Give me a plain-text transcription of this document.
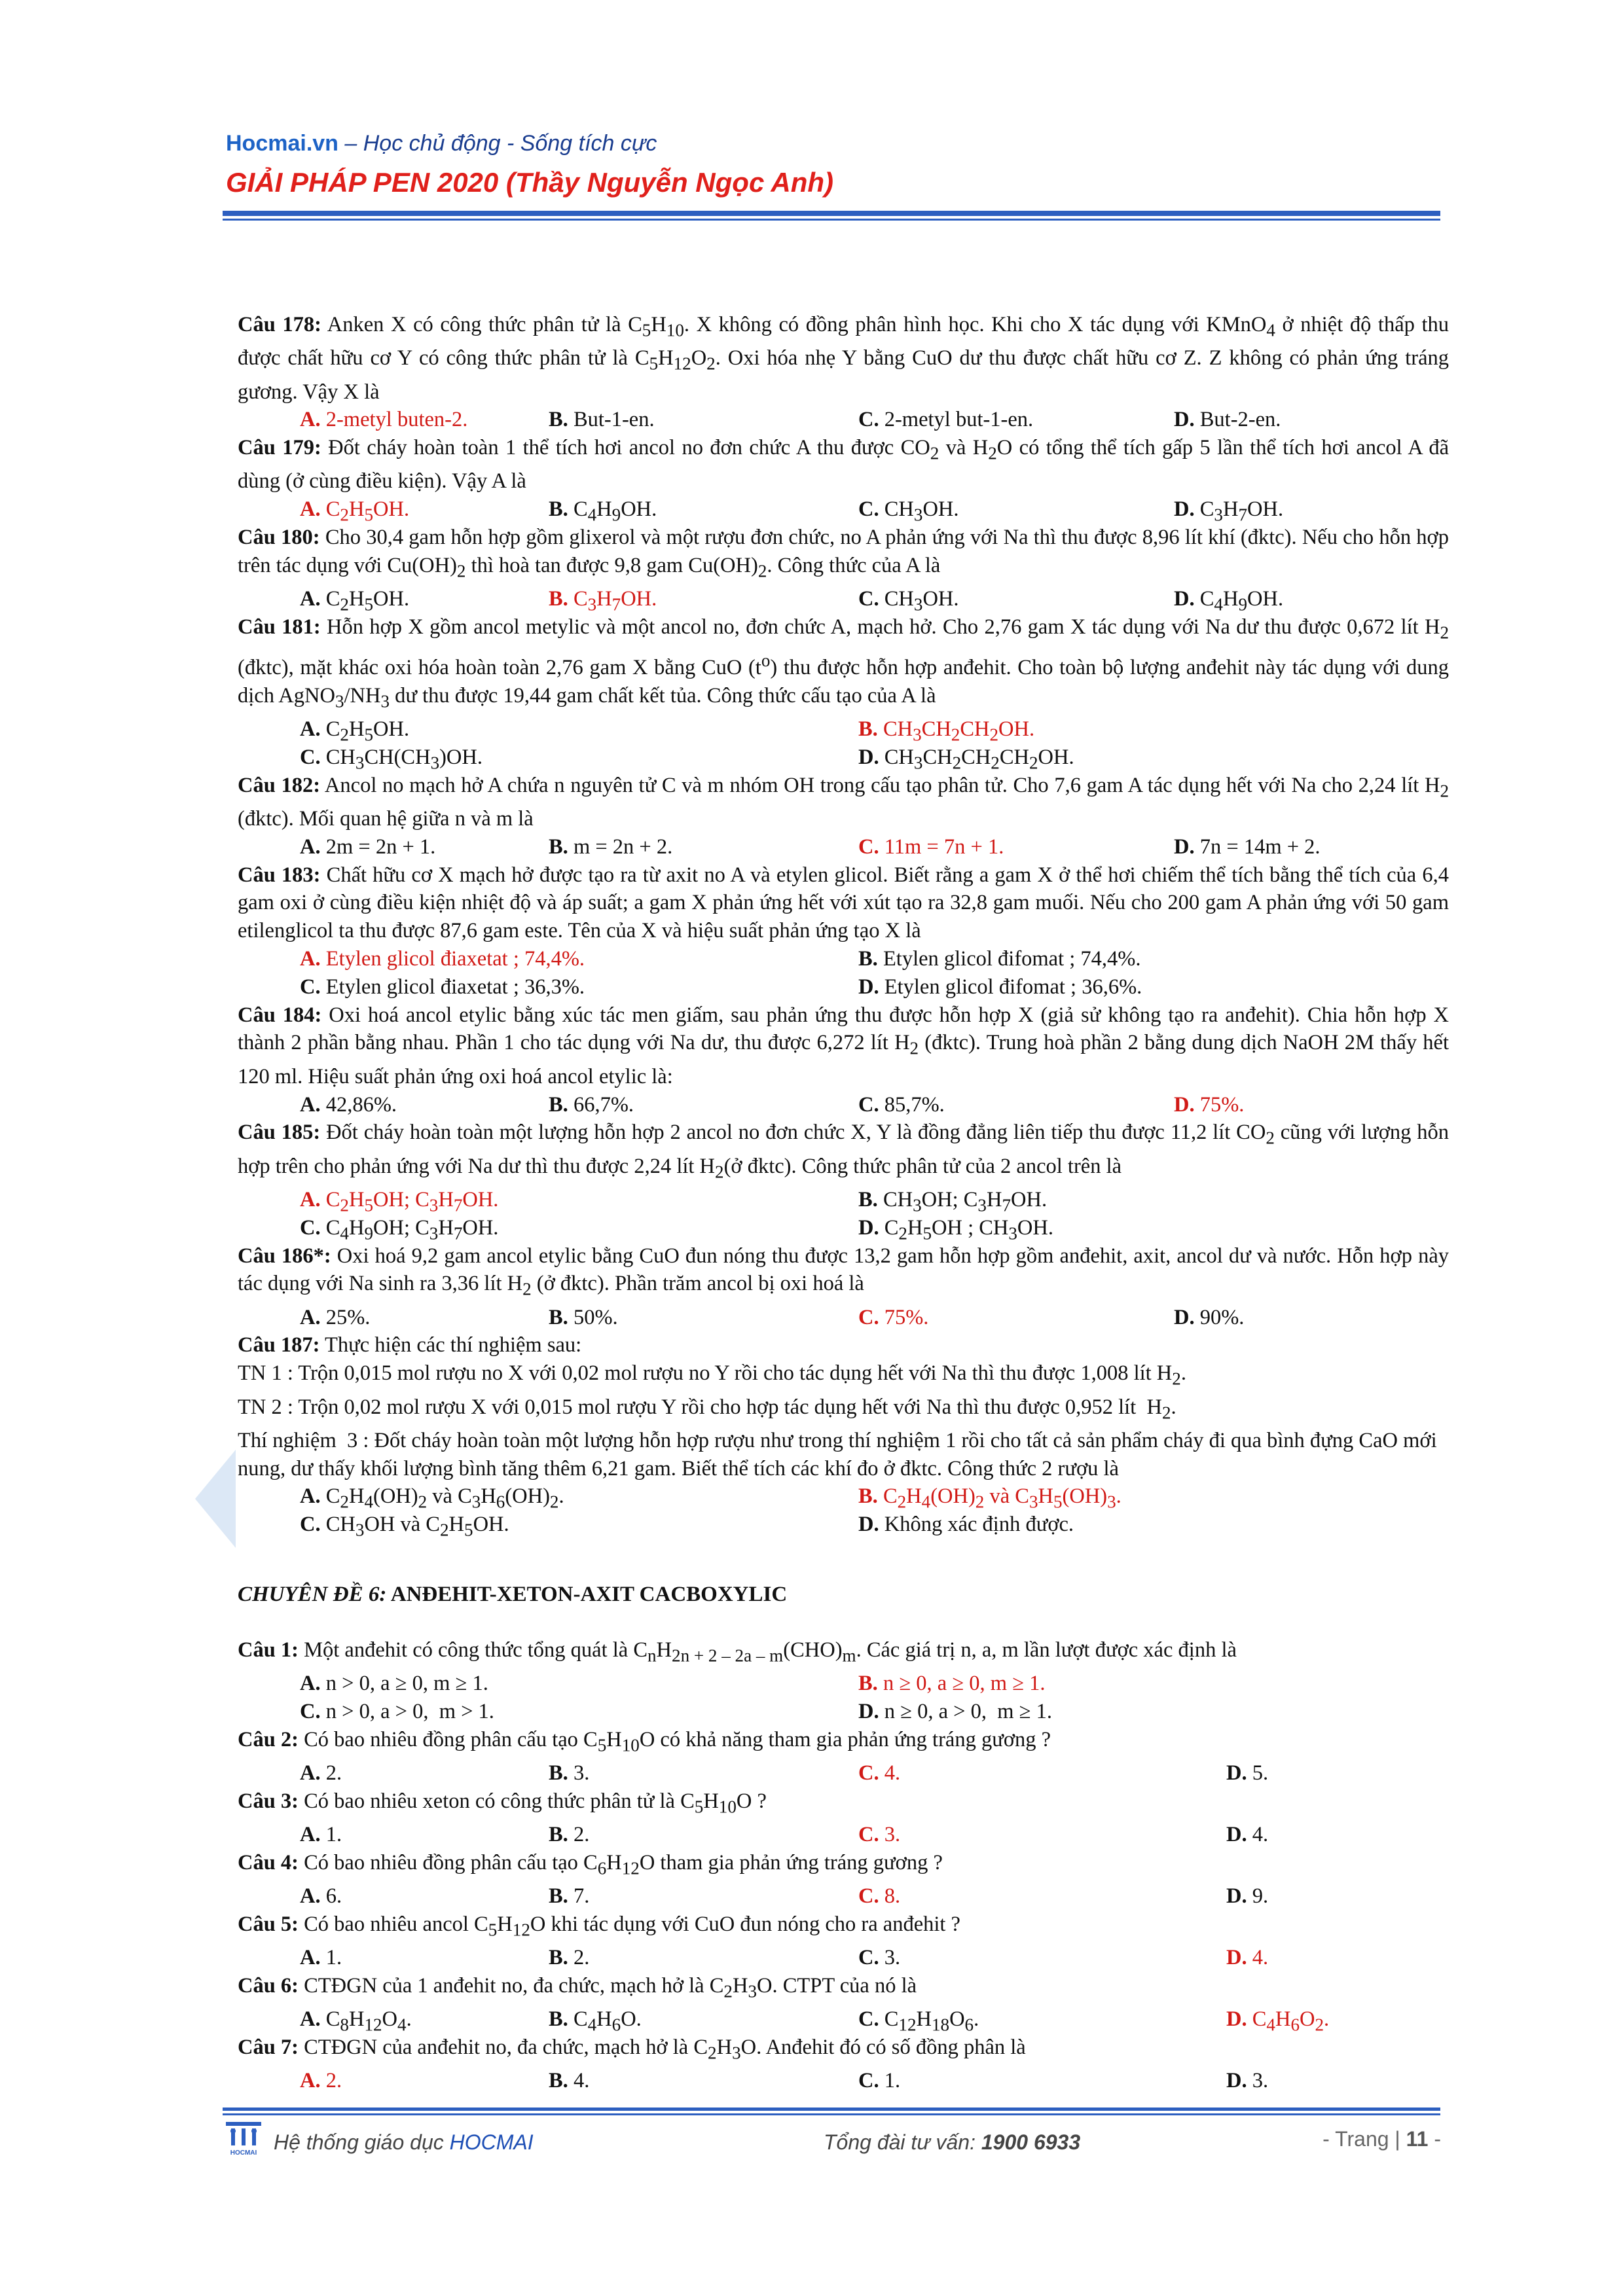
Hocmai.vn – Học chủ động - Sống tích cực
GIẢI PHÁP PEN 2020 (Thầy Nguyễn Ngọc Anh)

Câu 178: Anken X có công thức phân tử là $C_5H_{10}$. X không có đồng phân hình học. Khi cho X tác dụng với KMnO$_4$ ở nhiệt độ thấp thu được chất hữu cơ Y có công thức phân tử là $C_5H_{12}O_2$. Oxi hóa nhẹ Y bằng CuO dư thu được chất hữu cơ Z. Z không có phản ứng tráng gương. Vậy X là

A. 2-metyl buten-2.	B. But-1-en.	C. 2-metyl but-1-en.	D. But-2-en.

Câu 179: Đốt cháy hoàn toàn 1 thể tích hơi ancol no đơn chức A thu được $CO_2$ và $H_2O$ có tổng thể tích gấp 5 lần thể tích hơi ancol A đã dùng (ở cùng điều kiện). Vậy A là

A. $C_2H_5OH$.	B. $C_4H_9OH$.	C. $CH_3OH$.	D. $C_3H_7OH$.

Câu 180: Cho 30,4 gam hỗn hợp gồm glixerol và một rượu đơn chức, no A phản ứng với Na thì thu được 8,96 lít khí (đktc). Nếu cho hỗn hợp trên tác dụng với $Cu(OH)_2$ thì hoà tan được 9,8 gam $Cu(OH)_2$. Công thức của A là

A. $C_2H_5OH$.	B. $C_3H_7OH$.	C. $CH_3OH$.	D. $C_4H_9OH$.

Câu 181: Hỗn hợp X gồm ancol metylic và một ancol no, đơn chức A, mạch hở. Cho 2,76 gam X tác dụng với Na dư thu được 0,672 lít $H_2$ (đktc), mặt khác oxi hóa hoàn toàn 2,76 gam X bằng CuO $(t^o)$ thu được hỗn hợp anđehit. Cho toàn bộ lượng anđehit này tác dụng với dung dịch $AgNO_3/NH_3$ dư thu được 19,44 gam chất kết tủa. Công thức cấu tạo của A là

A. $C_2H_5OH$.	B. $CH_3CH_2CH_2OH$.
C. $CH_3CH(CH_3)OH$.	D. $CH_3CH_2CH_2CH_2OH$.

Câu 182: Ancol no mạch hở A chứa n nguyên tử C và m nhóm OH trong cấu tạo phân tử. Cho 7,6 gam A tác dụng hết với Na cho 2,24 lít $H_2$ (đktc). Mối quan hệ giữa n và m là

A. 2m = 2n + 1.	B. m = 2n + 2.	C. 11m = 7n + 1.	D. 7n = 14m + 2.

Câu 183: Chất hữu cơ X mạch hở được tạo ra từ axit no A và etylen glicol. Biết rằng a gam X ở thể hơi chiếm thể tích bằng thể tích của 6,4 gam oxi ở cùng điều kiện nhiệt độ và áp suất; a gam X phản ứng hết với xút tạo ra 32,8 gam muối. Nếu cho 200 gam A phản ứng với 50 gam etilenglicol ta thu được 87,6 gam este. Tên của X và hiệu suất phản ứng tạo X là

A. Etylen glicol điaxetat ; 74,4%.	B. Etylen glicol đifomat ; 74,4%.
C. Etylen glicol điaxetat ; 36,3%.	D. Etylen glicol đifomat ; 36,6%.

Câu 184: Oxi hoá ancol etylic bằng xúc tác men giấm, sau phản ứng thu được hỗn hợp X (giả sử không tạo ra anđehit). Chia hỗn hợp X thành 2 phần bằng nhau. Phần 1 cho tác dụng với Na dư, thu được 6,272 lít $H_2$ (đktc). Trung hoà phần 2 bằng dung dịch NaOH 2M thấy hết 120 ml. Hiệu suất phản ứng oxi hoá ancol etylic là:

A. 42,86%.	B. 66,7%.	C. 85,7%.	D. 75%.

Câu 185: Đốt cháy hoàn toàn một lượng hỗn hợp 2 ancol no đơn chức X, Y là đồng đẳng liên tiếp thu được 11,2 lít $CO_2$ cũng với lượng hỗn hợp trên cho phản ứng với Na dư thì thu được 2,24 lít $H_2(ở$ đktc). Công thức phân tử của 2 ancol trên là

A. $C_2H_5OH$; $C_3H_7OH$.	B. $CH_3OH$; $C_3H_7OH$.
C. $C_4H_9OH$; $C_3H_7OH$.	D. $C_2H_5OH$ ; $CH_3OH$.

Câu 186*: Oxi hoá 9,2 gam ancol etylic bằng CuO đun nóng thu được 13,2 gam hỗn hợp gồm anđehit, axit, ancol dư và nước. Hỗn hợp này tác dụng với Na sinh ra 3,36 lít $H_2$ (ở đktc). Phần trăm ancol bị oxi hoá là

A. 25%.	B. 50%.	C. 75%.	D. 90%.

Câu 187: Thực hiện các thí nghiệm sau:

TN 1 : Trộn 0,015 mol rượu no X với 0,02 mol rượu no Y rồi cho tác dụng hết với Na thì thu được 1,008 lít $H_2$.

TN 2 : Trộn 0,02 mol rượu X với 0,015 mol rượu Y rồi cho hợp tác dụng hết với Na thì thu được 0,952 lít  $H_2$.

Thí nghiệm  3 : Đốt cháy hoàn toàn một lượng hỗn hợp rượu như trong thí nghiệm 1 rồi cho tất cả sản phẩm cháy đi qua bình đựng CaO mới nung, dư thấy khối lượng bình tăng thêm 6,21 gam. Biết thể tích các khí đo ở đktc. Công thức 2 rượu là

A. $C_2H_4(OH)_2$ và $C_3H_6(OH)_2$.	B. $C_2H_4(OH)_2$ và $C_3H_5(OH)_3$.
C. $CH_3OH$ và $C_2H_5OH$.	D. Không xác định được.
CHUYÊN ĐỀ 6: ANĐEHIT-XETON-AXIT CACBOXYLIC

Câu 1: Một anđehit có công thức tổng quát là $C_nH_{2n + 2 - 2a - m}(CHO)_m$. Các giá trị n, a, m lần lượt được xác định là

A. n > 0, a ≥ 0, m ≥ 1.	B. n ≥ 0, a ≥ 0, m ≥ 1.
C. n > 0, a > 0,  m > 1.	D. n ≥ 0, a > 0,  m ≥ 1.

Câu 2: Có bao nhiêu đồng phân cấu tạo $C_5H_{10}O$ có khả năng tham gia phản ứng tráng gương ?

A. 2.	B. 3.	C. 4.	D. 5.

Câu 3: Có bao nhiêu xeton có công thức phân tử là $C_5H_{10}O$ ?

A. 1.	B. 2.	C. 3.	D. 4.

Câu 4: Có bao nhiêu đồng phân cấu tạo $C_6H_{12}O$ tham gia phản ứng tráng gương ?

A. 6.	B. 7.	C. 8.	D. 9.

Câu 5: Có bao nhiêu ancol $C_5H_{12}O$ khi tác dụng với CuO đun nóng cho ra anđehit ?

A. 1.	B. 2.	C. 3.	D. 4.

Câu 6: CTĐGN của 1 anđehit no, đa chức, mạch hở là $C_2H_3O$. CTPT của nó là

A. $C_8H_{12}O_4$.	B. $C_4H_6O$.	C. $C_{12}H_{18}O_6$.	D. $C_4H_6O_2$.

Câu 7: CTĐGN của anđehit no, đa chức, mạch hở là $C_2H_3O$. Anđehit đó có số đồng phân là

A. 2.	B. 4.	C. 1.	D. 3.
HOCMAI Hệ thống giáo dục HOCMAI	Tổng đài tư vấn: 1900 6933	- Trang | 11 -
